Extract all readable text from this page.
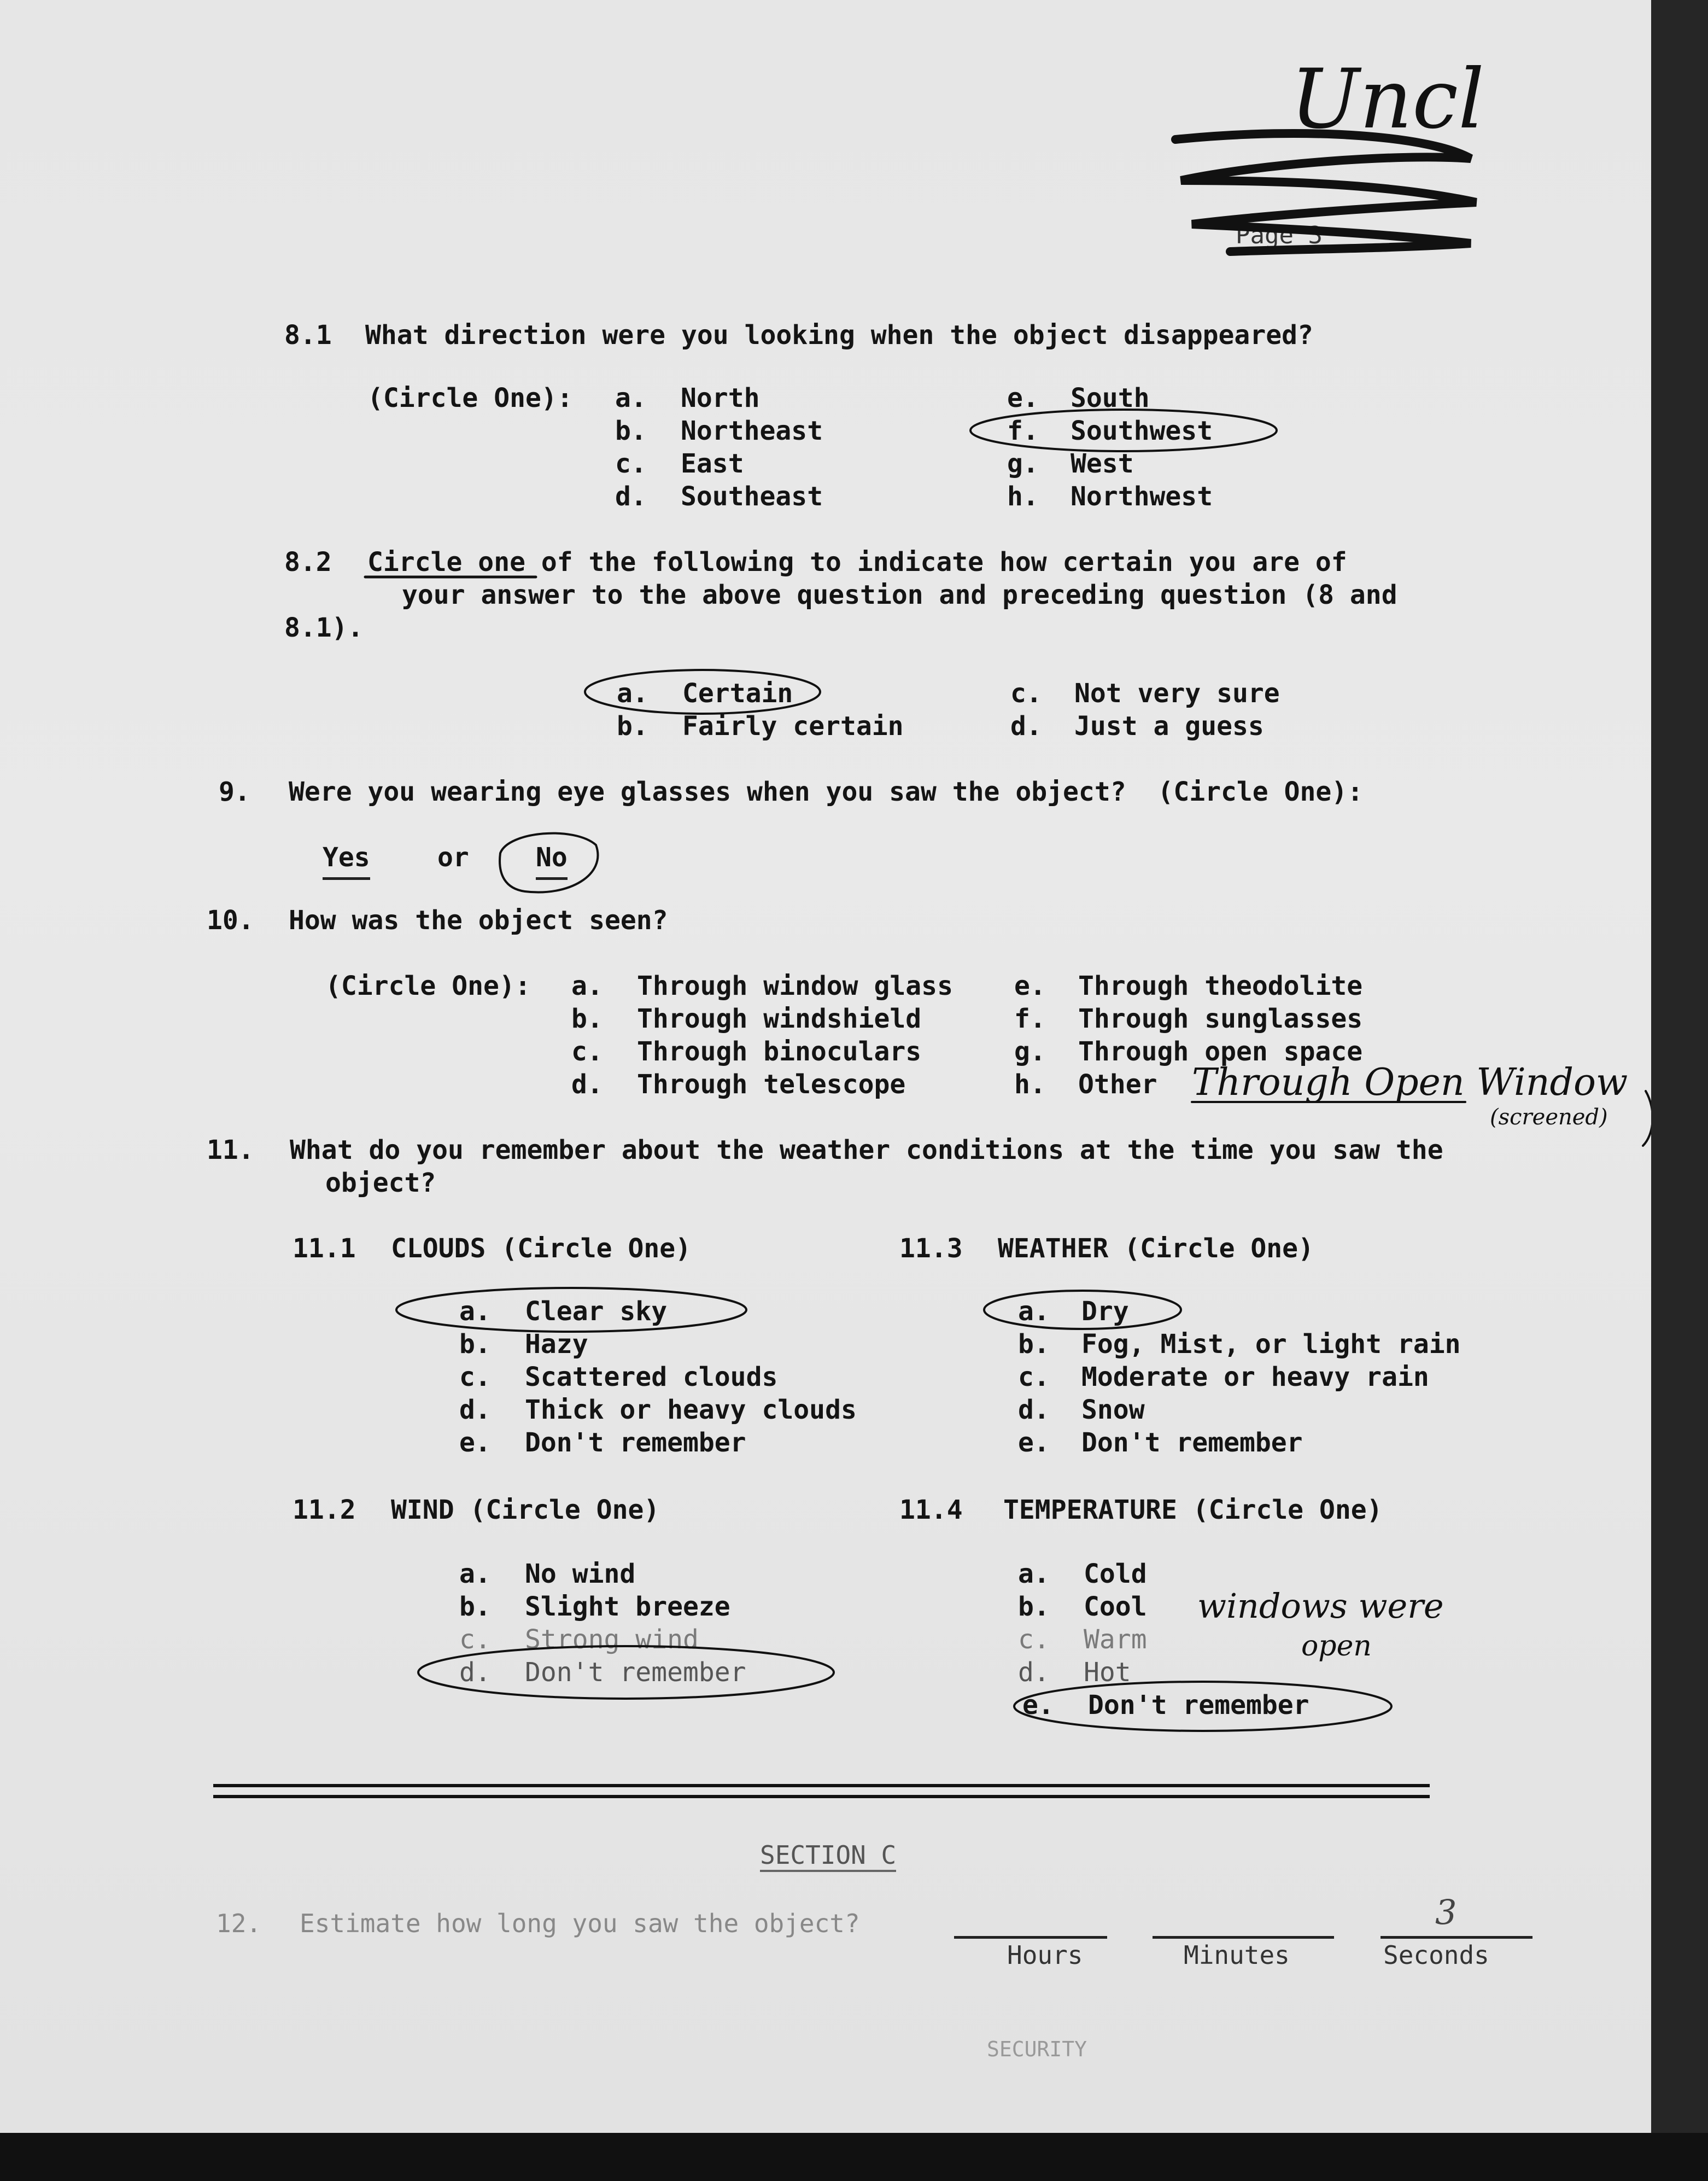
Uncl
Page 3
8.1 What direction were you looking when the object disappeared?
(Circle One): a. North
b. Northeast
c. East
d. Southeast
e. South
f. Southwest
g. West
h. Northwest
8.2 Circle one of the following to indicate how certain you are of
your answer to the above question and preceding question (8 and
8.1).
a. Certain
b. Fairly certain
c. Not very sure
d. Just a guess
9. Were you wearing eye glasses when you saw the object?  (Circle One):
Yes	or	No
10. How was the object seen?
(Circle One): a. Through window glass
b. Through windshield
c. Through binoculars
d. Through telescope
e. Through theodolite
f. Through sunglasses
g. Through open space
h. Other Through Open Window
(screened)
11. What do you remember about the weather conditions at the time you saw the
object?
11.1 CLOUDS (Circle One)
a. Clear sky
b. Hazy
c. Scattered clouds
d. Thick or heavy clouds
e. Don't remember
11.3 WEATHER (Circle One)
a. Dry
b. Fog, Mist, or light rain
c. Moderate or heavy rain
d. Snow
e. Don't remember
11.2 WIND (Circle One)
a. No wind
b. Slight breeze
c. Strong wind
d. Don't remember
11.4 TEMPERATURE (Circle One)
a. Cold
b. Cool
c. Warm
d. Hot
e. Don't remember
windows were
open
SECTION C
12. Estimate how long you saw the object?	3
Hours	Minutes	Seconds
SECURITY
